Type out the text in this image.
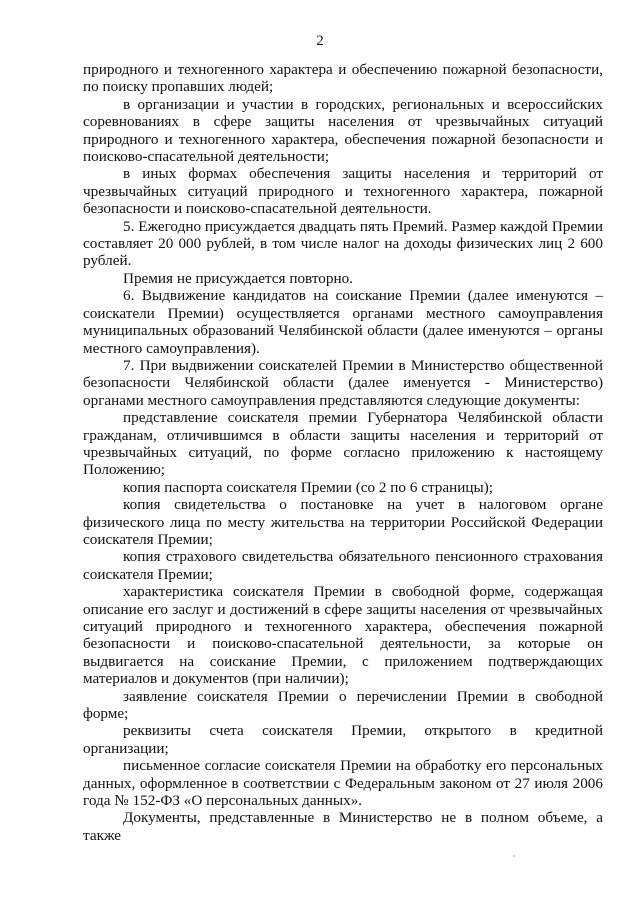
2

природного и техногенного характера и обеспечению пожарной безопасности, по поиску пропавших людей;

в организации и участии в городских, региональных и всероссийских соревнованиях в сфере защиты населения от чрезвычайных ситуаций природного и техногенного характера, обеспечения пожарной безопасности и поисково-спасательной деятельности;

в иных формах обеспечения защиты населения и территорий от чрезвычайных ситуаций природного и техногенного характера, пожарной безопасности и поисково-спасательной деятельности.

5. Ежегодно присуждается двадцать пять Премий. Размер каждой Премии составляет 20 000 рублей, в том числе налог на доходы физических лиц 2 600 рублей.

Премия не присуждается повторно.

6. Выдвижение кандидатов на соискание Премии (далее именуются – соискатели Премии) осуществляется органами местного самоуправления муниципальных образований Челябинской области (далее именуются – органы местного самоуправления).

7. При выдвижении соискателей Премии в Министерство общественной безопасности Челябинской области (далее именуется - Министерство) органами местного самоуправления представляются следующие документы:

представление соискателя премии Губернатора Челябинской области гражданам, отличившимся в области защиты населения и территорий от чрезвычайных ситуаций, по форме согласно приложению к настоящему Положению;

копия паспорта соискателя Премии (со 2 по 6 страницы);

копия свидетельства о постановке на учет в налоговом органе физического лица по месту жительства на территории Российской Федерации соискателя Премии;

копия страхового свидетельства обязательного пенсионного страхования соискателя Премии;

характеристика соискателя Премии в свободной форме, содержащая описание его заслуг и достижений в сфере защиты населения от чрезвычайных ситуаций природного и техногенного характера, обеспечения пожарной безопасности и поисково-спасательной деятельности, за которые он выдвигается на соискание Премии, с приложением подтверждающих материалов и документов (при наличии);

заявление соискателя Премии о перечислении Премии в свободной форме;

реквизиты счета соискателя Премии, открытого в кредитной организации;

письменное согласие соискателя Премии на обработку его персональных данных, оформленное в соответствии с Федеральным законом от 27 июля 2006 года № 152-ФЗ «О персональных данных».

Документы, представленные в Министерство не в полном объеме, а также
